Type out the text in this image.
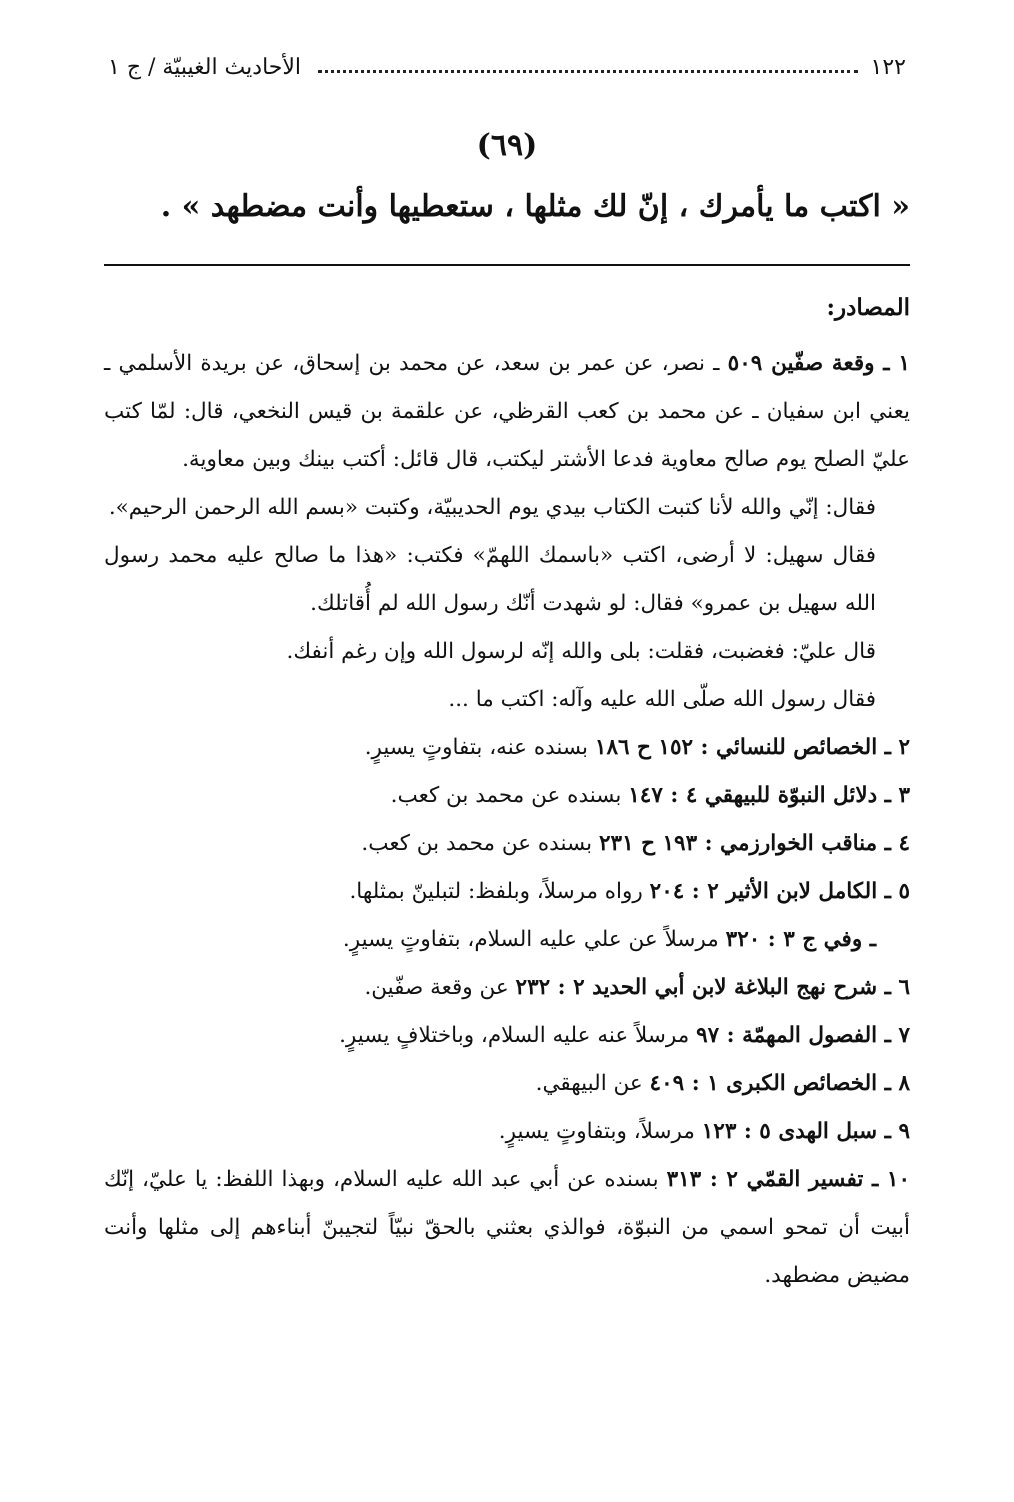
١٢٢
الأحاديث الغيبيّة / ج ١
(٦٩)
« اكتب ما يأمرك ، إنّ لك مثلها ، ستعطيها وأنت مضطهد » .
المصادر:

١ ـ وقعة صفّين ٥٠٩ ـ نصر، عن عمر بن سعد، عن محمد بن إسحاق، عن بريدة الأسلمي ـ يعني ابن سفيان ـ عن محمد بن كعب القرظي، عن علقمة بن قيس النخعي، قال: لمّا كتب عليّ الصلح يوم صالح معاوية فدعا الأشتر ليكتب، قال قائل: أكتب بينك وبين معاوية.

فقال: إنّي والله لأنا كتبت الكتاب بيدي يوم الحديبيّة، وكتبت «بسم الله الرحمن الرحيم».

فقال سهيل: لا أرضى، اكتب «باسمك اللهمّ» فكتب: «هذا ما صالح عليه محمد رسول الله سهيل بن عمرو» فقال: لو شهدت أنّك رسول الله لم أُقاتلك.

قال عليّ: فغضبت، فقلت: بلى والله إنّه لرسول الله وإن رغم أنفك.

فقال رسول الله صلّى الله عليه وآله: اكتب ما ...

٢ ـ الخصائص للنسائي : ١٥٢ ح ١٨٦ بسنده عنه، بتفاوتٍ يسيرٍ.

٣ ـ دلائل النبوّة للبيهقي ٤ : ١٤٧ بسنده عن محمد بن كعب.

٤ ـ مناقب الخوارزمي : ١٩٣ ح ٢٣١ بسنده عن محمد بن كعب.

٥ ـ الكامل لابن الأثير ٢ : ٢٠٤ رواه مرسلاً، وبلفظ: لتبلينّ بمثلها.

ـ وفي ج ٣ : ٣٢٠ مرسلاً عن علي عليه السلام، بتفاوتٍ يسيرٍ.

٦ ـ شرح نهج البلاغة لابن أبي الحديد ٢ : ٢٣٢ عن وقعة صفّين.

٧ ـ الفصول المهمّة : ٩٧ مرسلاً عنه عليه السلام، وباختلافٍ يسيرٍ.

٨ ـ الخصائص الكبرى ١ : ٤٠٩ عن البيهقي.

٩ ـ سبل الهدى ٥ : ١٢٣ مرسلاً، وبتفاوتٍ يسيرٍ.

١٠ ـ تفسير القمّي ٢ : ٣١٣ بسنده عن أبي عبد الله عليه السلام، وبهذا اللفظ: يا عليّ، إنّك أبيت أن تمحو اسمي من النبوّة، فوالذي بعثني بالحقّ نبيّاً لتجيبنّ أبناءهم إلى مثلها وأنت مضيض مضطهد.
